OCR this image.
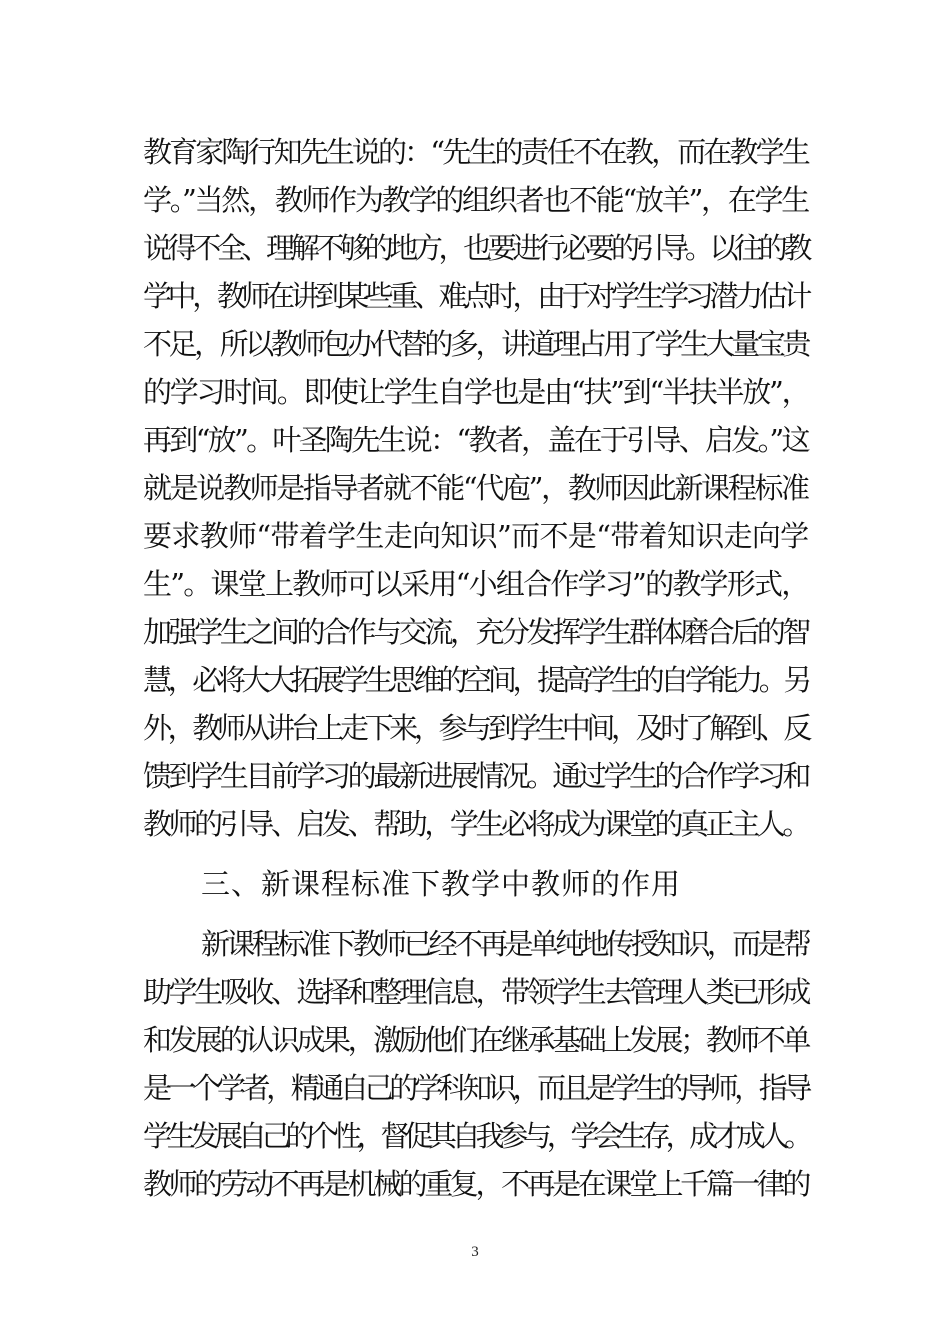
教育家陶行知先生说的：“先生的责任不在教，而在教学生
学。”当然，教师作为教学的组织者也不能“放羊”，在学生
说得不全、理解不够的地方，也要进行必要的引导。以往的教
学中，教师在讲到某些重、难点时，由于对学生学习潜力估计
不足，所以教师包办代替的多，讲道理占用了学生大量宝贵
的学习时间。即使让学生自学也是由“扶”到“半扶半放”，
再到“放”。叶圣陶先生说：“教者，盖在于引导、启发。”这
就是说教师是指导者就不能“代庖”，教师因此新课程标准
要求教师“带着学生走向知识”而不是“带着知识走向学
生”。课堂上教师可以采用“小组合作学习”的教学形式，
加强学生之间的合作与交流，充分发挥学生群体磨合后的智
慧，必将大大拓展学生思维的空间，提高学生的自学能力。另
外，教师从讲台上走下来，参与到学生中间，及时了解到、反
馈到学生目前学习的最新进展情况。通过学生的合作学习和
教师的引导、启发、帮助，学生必将成为课堂的真正主人。
三、新课程标准下教学中教师的作用
新课程标准下教师已经不再是单纯地传授知识，而是帮
助学生吸收、选择和整理信息，带领学生去管理人类已形成
和发展的认识成果，激励他们在继承基础上发展；教师不单
是一个学者，精通自己的学科知识，而且是学生的导师，指导
学生发展自己的个性，督促其自我参与，学会生存，成才成人。
教师的劳动不再是机械的重复，不再是在课堂上千篇一律的
3
